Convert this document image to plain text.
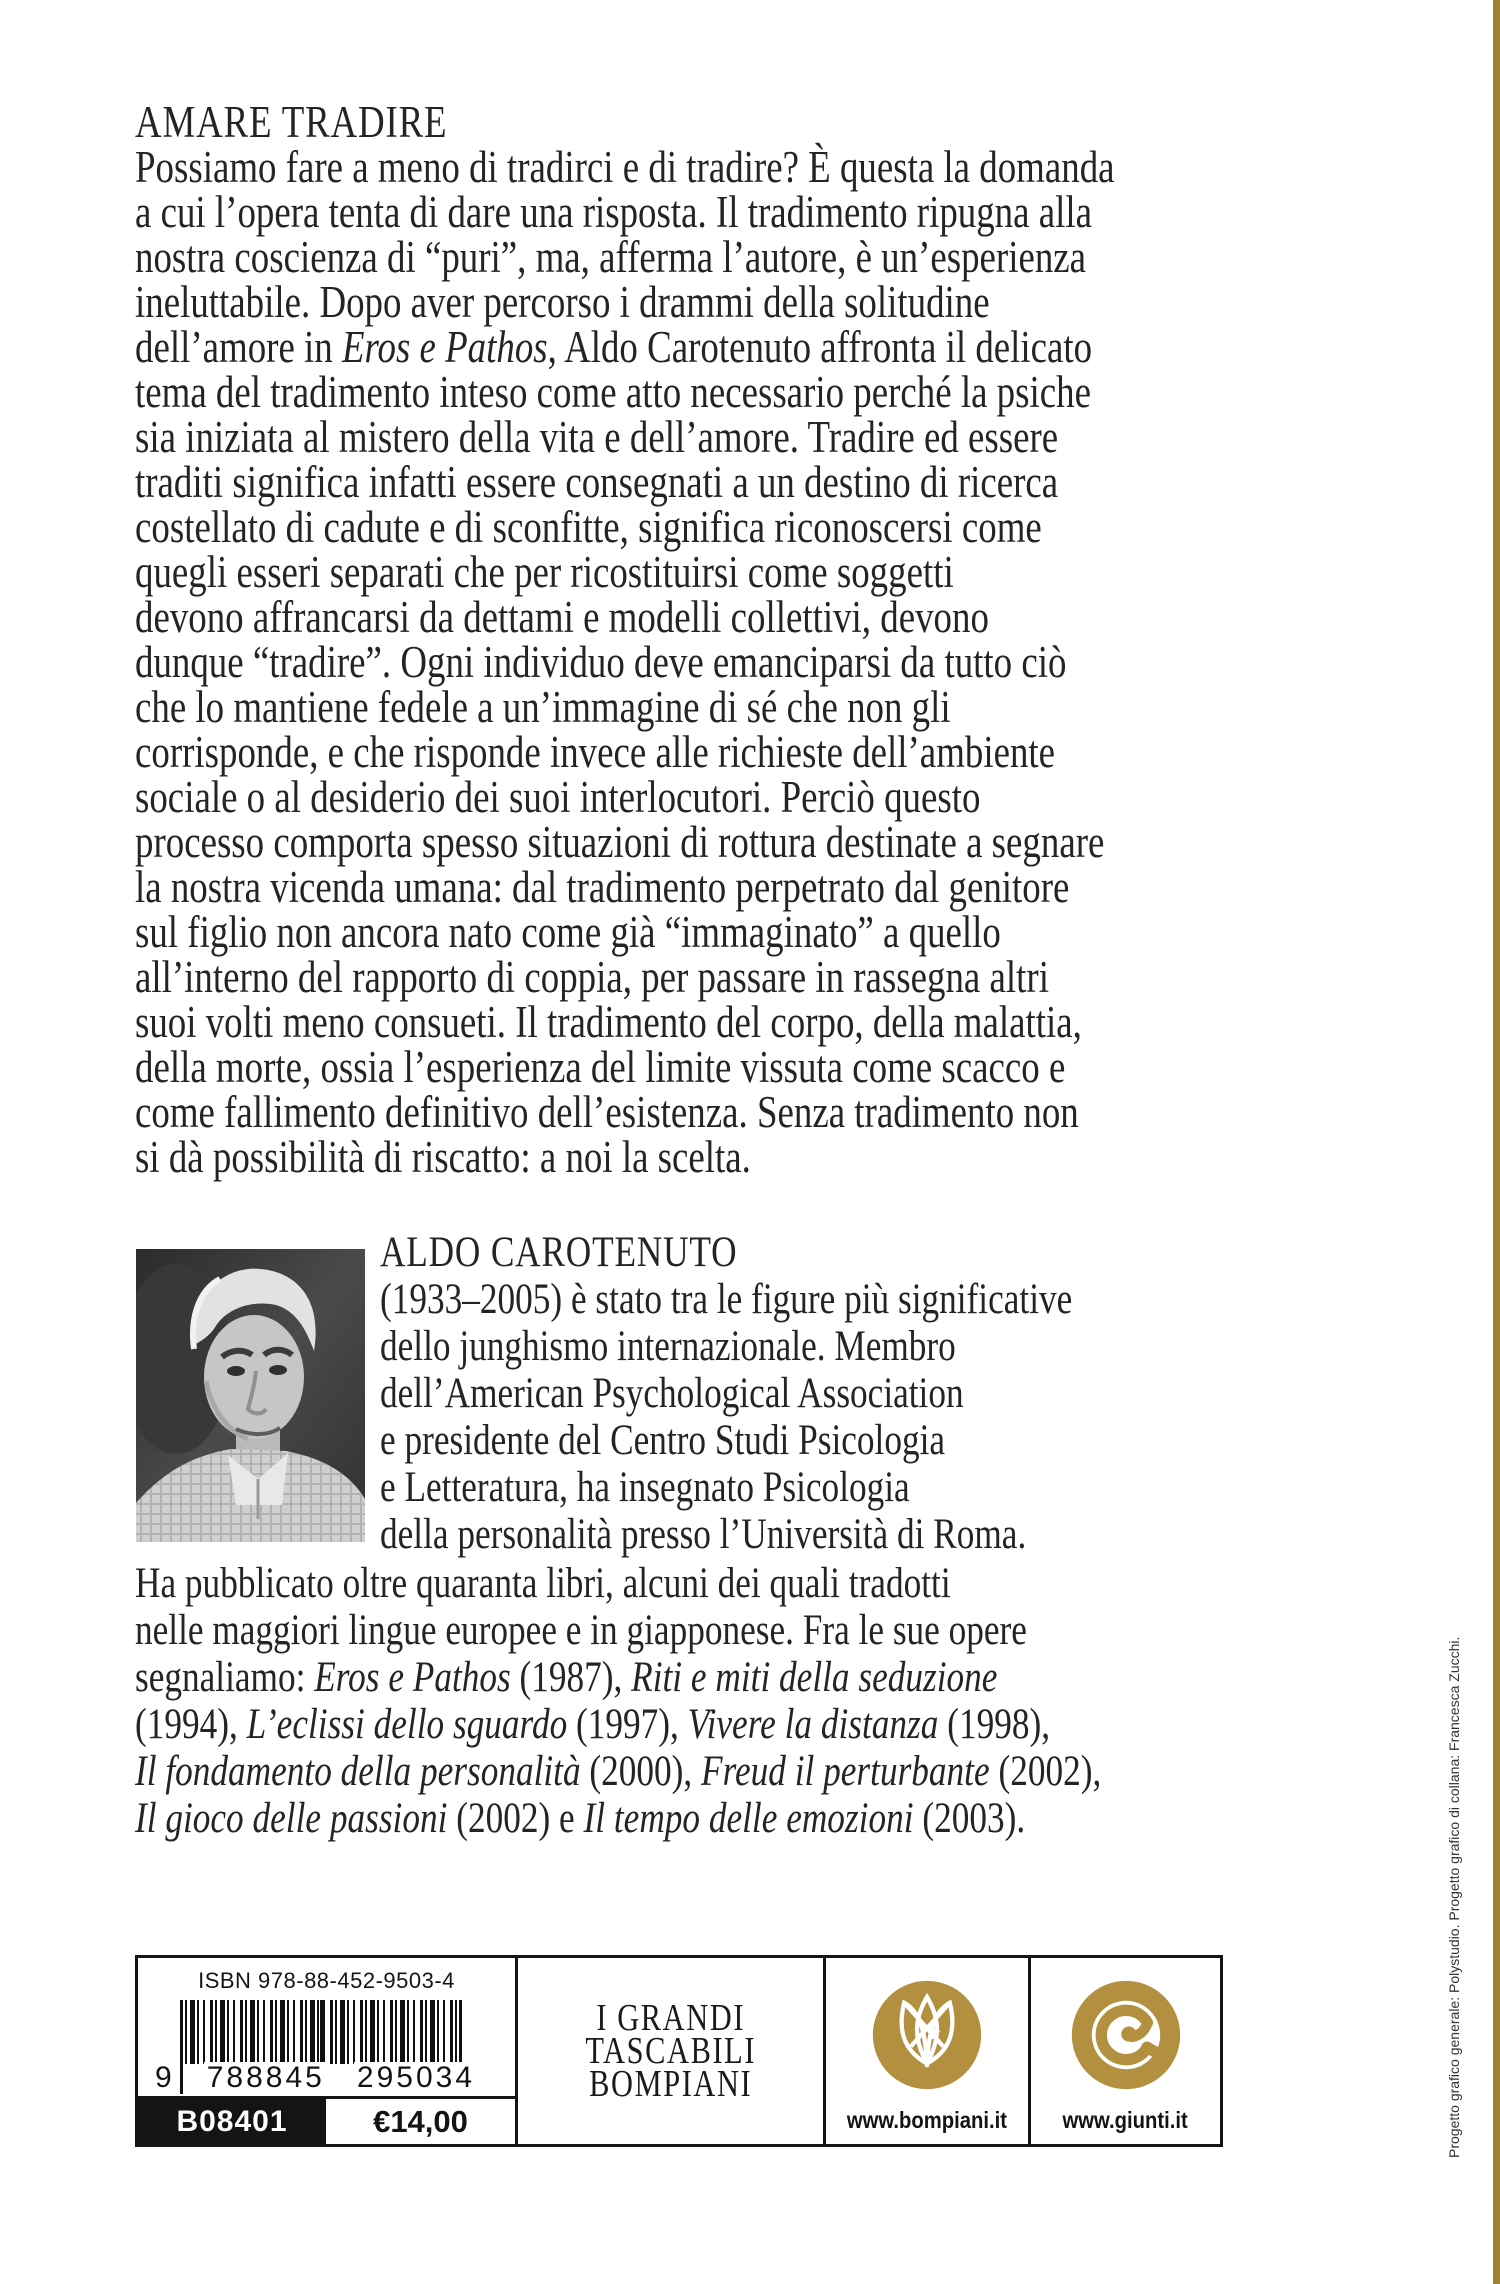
AMARE TRADIRE
Possiamo fare a meno di tradirci e di tradire? È questa la domanda
a cui l’opera tenta di dare una risposta. Il tradimento ripugna alla
nostra coscienza di “puri”, ma, afferma l’autore, è un’esperienza
ineluttabile. Dopo aver percorso i drammi della solitudine
dell’amore in Eros e Pathos, Aldo Carotenuto affronta il delicato
tema del tradimento inteso come atto necessario perché la psiche
sia iniziata al mistero della vita e dell’amore. Tradire ed essere
traditi significa infatti essere consegnati a un destino di ricerca
costellato di cadute e di sconfitte, significa riconoscersi come
quegli esseri separati che per ricostituirsi come soggetti
devono affrancarsi da dettami e modelli collettivi, devono
dunque “tradire”. Ogni individuo deve emanciparsi da tutto ciò
che lo mantiene fedele a un’immagine di sé che non gli
corrisponde, e che risponde invece alle richieste dell’ambiente
sociale o al desiderio dei suoi interlocutori. Perciò questo
processo comporta spesso situazioni di rottura destinate a segnare
la nostra vicenda umana: dal tradimento perpetrato dal genitore
sul figlio non ancora nato come già “immaginato” a quello
all’interno del rapporto di coppia, per passare in rassegna altri
suoi volti meno consueti. Il tradimento del corpo, della malattia,
della morte, ossia l’esperienza del limite vissuta come scacco e
come fallimento definitivo dell’esistenza. Senza tradimento non
si dà possibilità di riscatto: a noi la scelta.
ALDO CAROTENUTO
(1933–2005) è stato tra le figure più significative
dello junghismo internazionale. Membro
dell’American Psychological Association
e presidente del Centro Studi Psicologia
e Letteratura, ha insegnato Psicologia
della personalità presso l’Università di Roma.
Ha pubblicato oltre quaranta libri, alcuni dei quali tradotti
nelle maggiori lingue europee e in giapponese. Fra le sue opere
segnaliamo: Eros e Pathos (1987), Riti e miti della seduzione
(1994), L’eclissi dello sguardo (1997), Vivere la distanza (1998),
Il fondamento della personalità (2000), Freud il perturbante (2002),
Il gioco delle passioni (2002) e Il tempo delle emozioni (2003).
ISBN 978-88-452-9503-4
9 788845 295034
B08401	€14,00
I GRANDI
TASCABILI
BOMPIANI
www.bompiani.it www.giunti.it	Progetto grafico generale: Polystudio. Progetto grafico di collana: Francesca Zucchi.
